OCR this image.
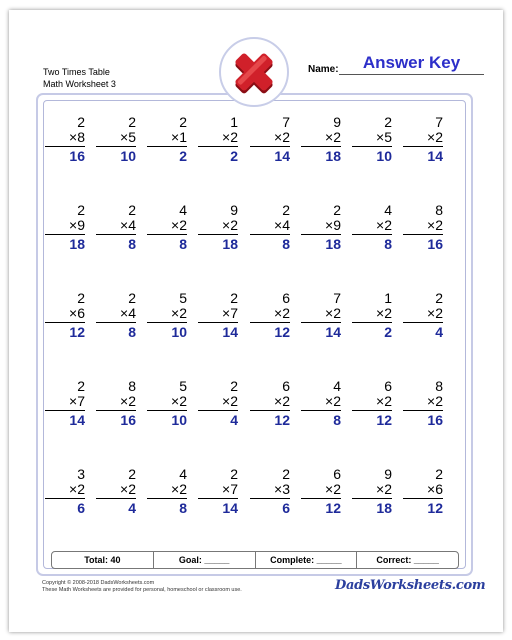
Two Times Table
Math Worksheet 3
Name:	Answer Key
2
×8
16
2
×5
10
2
×1
2
1
×2
2
7
×2
14
9
×2
18
2
×5
10
7
×2
14
2
×9
18
2
×4
8
4
×2
8
9
×2
18
2
×4
8
2
×9
18
4
×2
8
8
×2
16
2
×6
12
2
×4
8
5
×2
10
2
×7
14
6
×2
12
7
×2
14
1
×2
2
2
×2
4
2
×7
14
8
×2
16
5
×2
10
2
×2
4
6
×2
12
4
×2
8
6
×2
12
8
×2
16
3
×2
6
2
×2
4
4
×2
8
2
×7
14
2
×3
6
6
×2
12
9
×2
18
2
×6
12
Total: 40	Goal: _____	Complete: _____	Correct: _____
Copyright © 2008-2018 DadsWorksheets.com
These Math Worksheets are provided for personal, homeschool or classroom use.	DadsWorksheets.com
